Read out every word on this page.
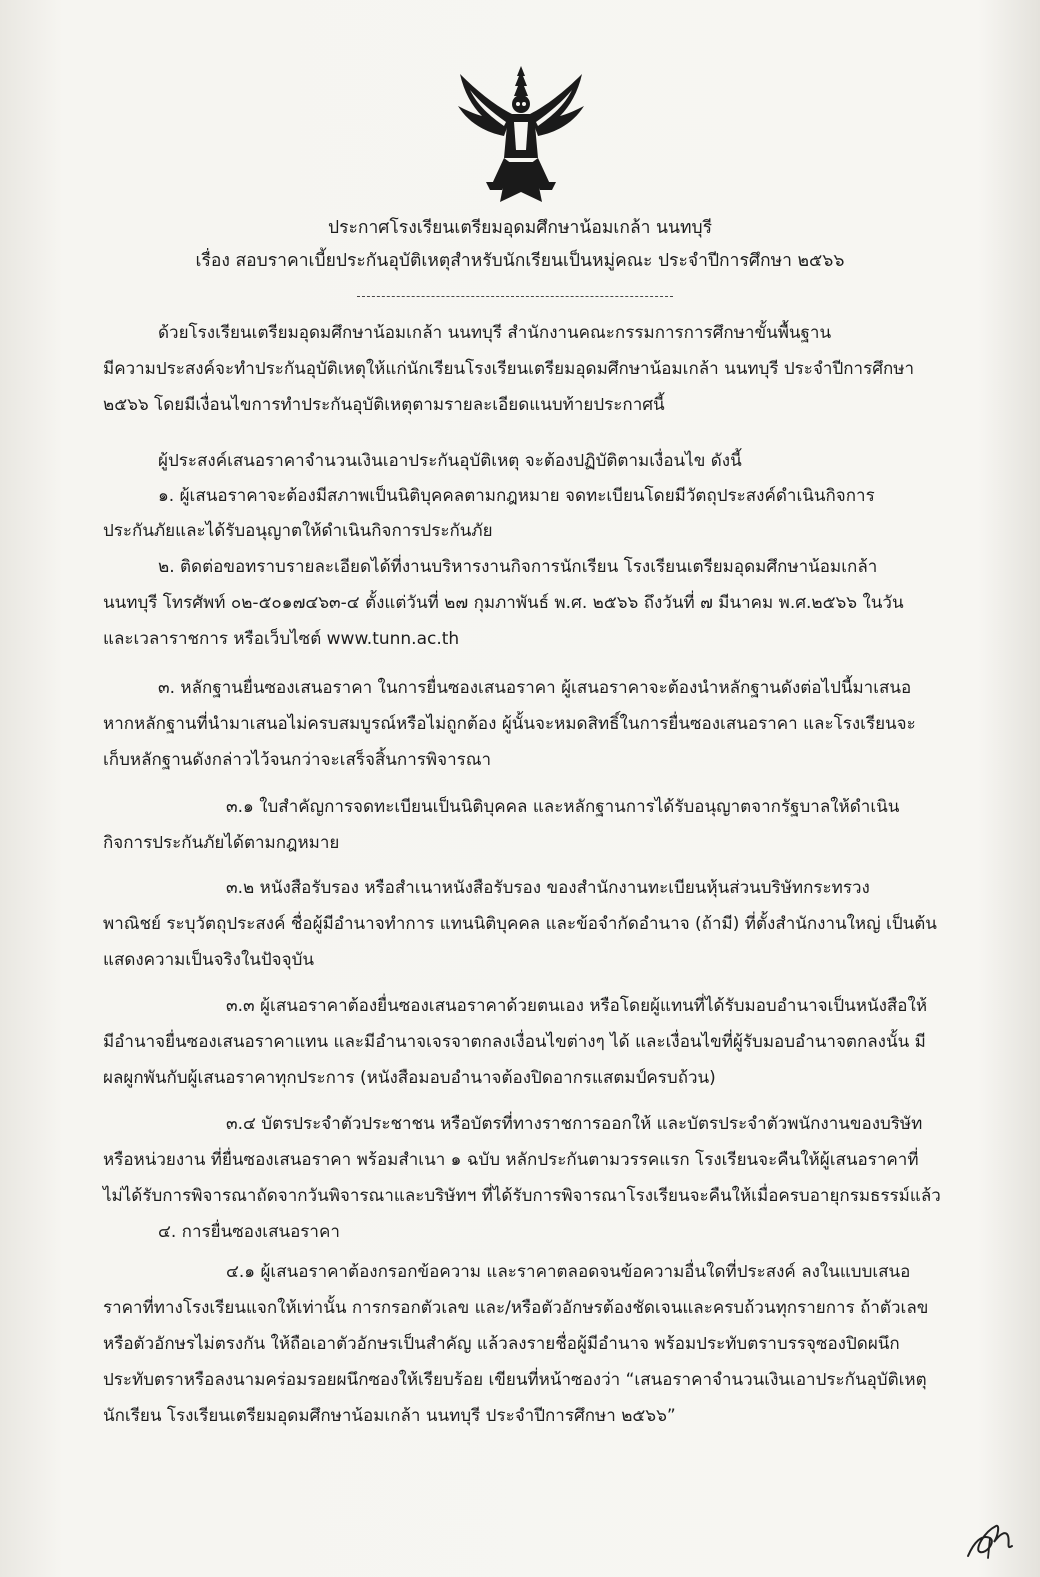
ประกาศโรงเรียนเตรียมอุดมศึกษาน้อมเกล้า นนทบุรี
เรื่อง สอบราคาเบี้ยประกันอุบัติเหตุสำหรับนักเรียนเป็นหมู่คณะ ประจำปีการศึกษา ๒๕๖๖
ด้วยโรงเรียนเตรียมอุดมศึกษาน้อมเกล้า นนทบุรี สำนักงานคณะกรรมการการศึกษาขั้นพื้นฐาน
มีความประสงค์จะทำประกันอุบัติเหตุให้แก่นักเรียนโรงเรียนเตรียมอุดมศึกษาน้อมเกล้า นนทบุรี ประจำปีการศึกษา
๒๕๖๖ โดยมีเงื่อนไขการทำประกันอุบัติเหตุตามรายละเอียดแนบท้ายประกาศนี้
ผู้ประสงค์เสนอราคาจำนวนเงินเอาประกันอุบัติเหตุ จะต้องปฏิบัติตามเงื่อนไข ดังนี้
๑. ผู้เสนอราคาจะต้องมีสภาพเป็นนิติบุคคลตามกฎหมาย จดทะเบียนโดยมีวัตถุประสงค์ดำเนินกิจการ
ประกันภัยและได้รับอนุญาตให้ดำเนินกิจการประกันภัย
๒. ติดต่อขอทราบรายละเอียดได้ที่งานบริหารงานกิจการนักเรียน โรงเรียนเตรียมอุดมศึกษาน้อมเกล้า
นนทบุรี โทรศัพท์ ๐๒-๕๐๑๗๔๖๓-๔ ตั้งแต่วันที่ ๒๗ กุมภาพันธ์ พ.ศ. ๒๕๖๖ ถึงวันที่ ๗ มีนาคม พ.ศ.๒๕๖๖ ในวัน
และเวลาราชการ หรือเว็บไซต์ www.tunn.ac.th
๓. หลักฐานยื่นซองเสนอราคา ในการยื่นซองเสนอราคา ผู้เสนอราคาจะต้องนำหลักฐานดังต่อไปนี้มาเสนอ
หากหลักฐานที่นำมาเสนอไม่ครบสมบูรณ์หรือไม่ถูกต้อง ผู้นั้นจะหมดสิทธิ์ในการยื่นซองเสนอราคา และโรงเรียนจะ
เก็บหลักฐานดังกล่าวไว้จนกว่าจะเสร็จสิ้นการพิจารณา
๓.๑ ใบสำคัญการจดทะเบียนเป็นนิติบุคคล และหลักฐานการได้รับอนุญาตจากรัฐบาลให้ดำเนิน
กิจการประกันภัยได้ตามกฎหมาย
๓.๒ หนังสือรับรอง หรือสำเนาหนังสือรับรอง ของสำนักงานทะเบียนหุ้นส่วนบริษัทกระทรวง
พาณิชย์ ระบุวัตถุประสงค์ ชื่อผู้มีอำนาจทำการ แทนนิติบุคคล และข้อจำกัดอำนาจ (ถ้ามี) ที่ตั้งสำนักงานใหญ่ เป็นต้น
แสดงความเป็นจริงในปัจจุบัน
๓.๓ ผู้เสนอราคาต้องยื่นซองเสนอราคาด้วยตนเอง หรือโดยผู้แทนที่ได้รับมอบอำนาจเป็นหนังสือให้
มีอำนาจยื่นซองเสนอราคาแทน และมีอำนาจเจรจาตกลงเงื่อนไขต่างๆ ได้ และเงื่อนไขที่ผู้รับมอบอำนาจตกลงนั้น มี
ผลผูกพันกับผู้เสนอราคาทุกประการ (หนังสือมอบอำนาจต้องปิดอากรแสตมป์ครบถ้วน)
๓.๔ บัตรประจำตัวประชาชน หรือบัตรที่ทางราชการออกให้ และบัตรประจำตัวพนักงานของบริษัท
หรือหน่วยงาน ที่ยื่นซองเสนอราคา พร้อมสำเนา ๑ ฉบับ หลักประกันตามวรรคแรก โรงเรียนจะคืนให้ผู้เสนอราคาที่
ไม่ได้รับการพิจารณาถัดจากวันพิจารณาและบริษัทฯ ที่ได้รับการพิจารณาโรงเรียนจะคืนให้เมื่อครบอายุกรมธรรม์แล้ว
๔. การยื่นซองเสนอราคา
๔.๑ ผู้เสนอราคาต้องกรอกข้อความ และราคาตลอดจนข้อความอื่นใดที่ประสงค์ ลงในแบบเสนอ
ราคาที่ทางโรงเรียนแจกให้เท่านั้น การกรอกตัวเลข และ/หรือตัวอักษรต้องชัดเจนและครบถ้วนทุกรายการ ถ้าตัวเลข
หรือตัวอักษรไม่ตรงกัน ให้ถือเอาตัวอักษรเป็นสำคัญ แล้วลงรายชื่อผู้มีอำนาจ พร้อมประทับตราบรรจุซองปิดผนึก
ประทับตราหรือลงนามคร่อมรอยผนึกซองให้เรียบร้อย เขียนที่หน้าซองว่า “เสนอราคาจำนวนเงินเอาประกันอุบัติเหตุ
นักเรียน โรงเรียนเตรียมอุดมศึกษาน้อมเกล้า นนทบุรี ประจำปีการศึกษา ๒๕๖๖”
